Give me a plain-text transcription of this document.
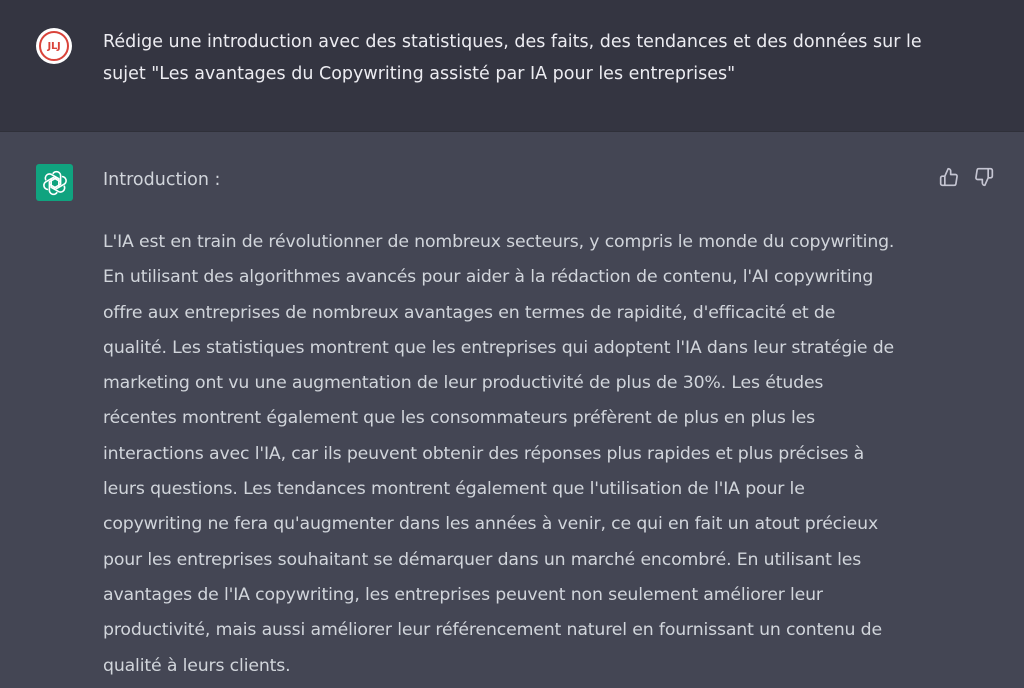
JLJ Rédige une introduction avec des statistiques, des faits, des tendances et des données sur le
sujet "Les avantages du Copywriting assisté par IA pour les entreprises"

Introduction :

L'IA est en train de révolutionner de nombreux secteurs, y compris le monde du copywriting.
En utilisant des algorithmes avancés pour aider à la rédaction de contenu, l'AI copywriting
offre aux entreprises de nombreux avantages en termes de rapidité, d'efficacité et de
qualité. Les statistiques montrent que les entreprises qui adoptent l'IA dans leur stratégie de
marketing ont vu une augmentation de leur productivité de plus de 30%. Les études
récentes montrent également que les consommateurs préfèrent de plus en plus les
interactions avec l'IA, car ils peuvent obtenir des réponses plus rapides et plus précises à
leurs questions. Les tendances montrent également que l'utilisation de l'IA pour le
copywriting ne fera qu'augmenter dans les années à venir, ce qui en fait un atout précieux
pour les entreprises souhaitant se démarquer dans un marché encombré. En utilisant les
avantages de l'IA copywriting, les entreprises peuvent non seulement améliorer leur
productivité, mais aussi améliorer leur référencement naturel en fournissant un contenu de
qualité à leurs clients.
